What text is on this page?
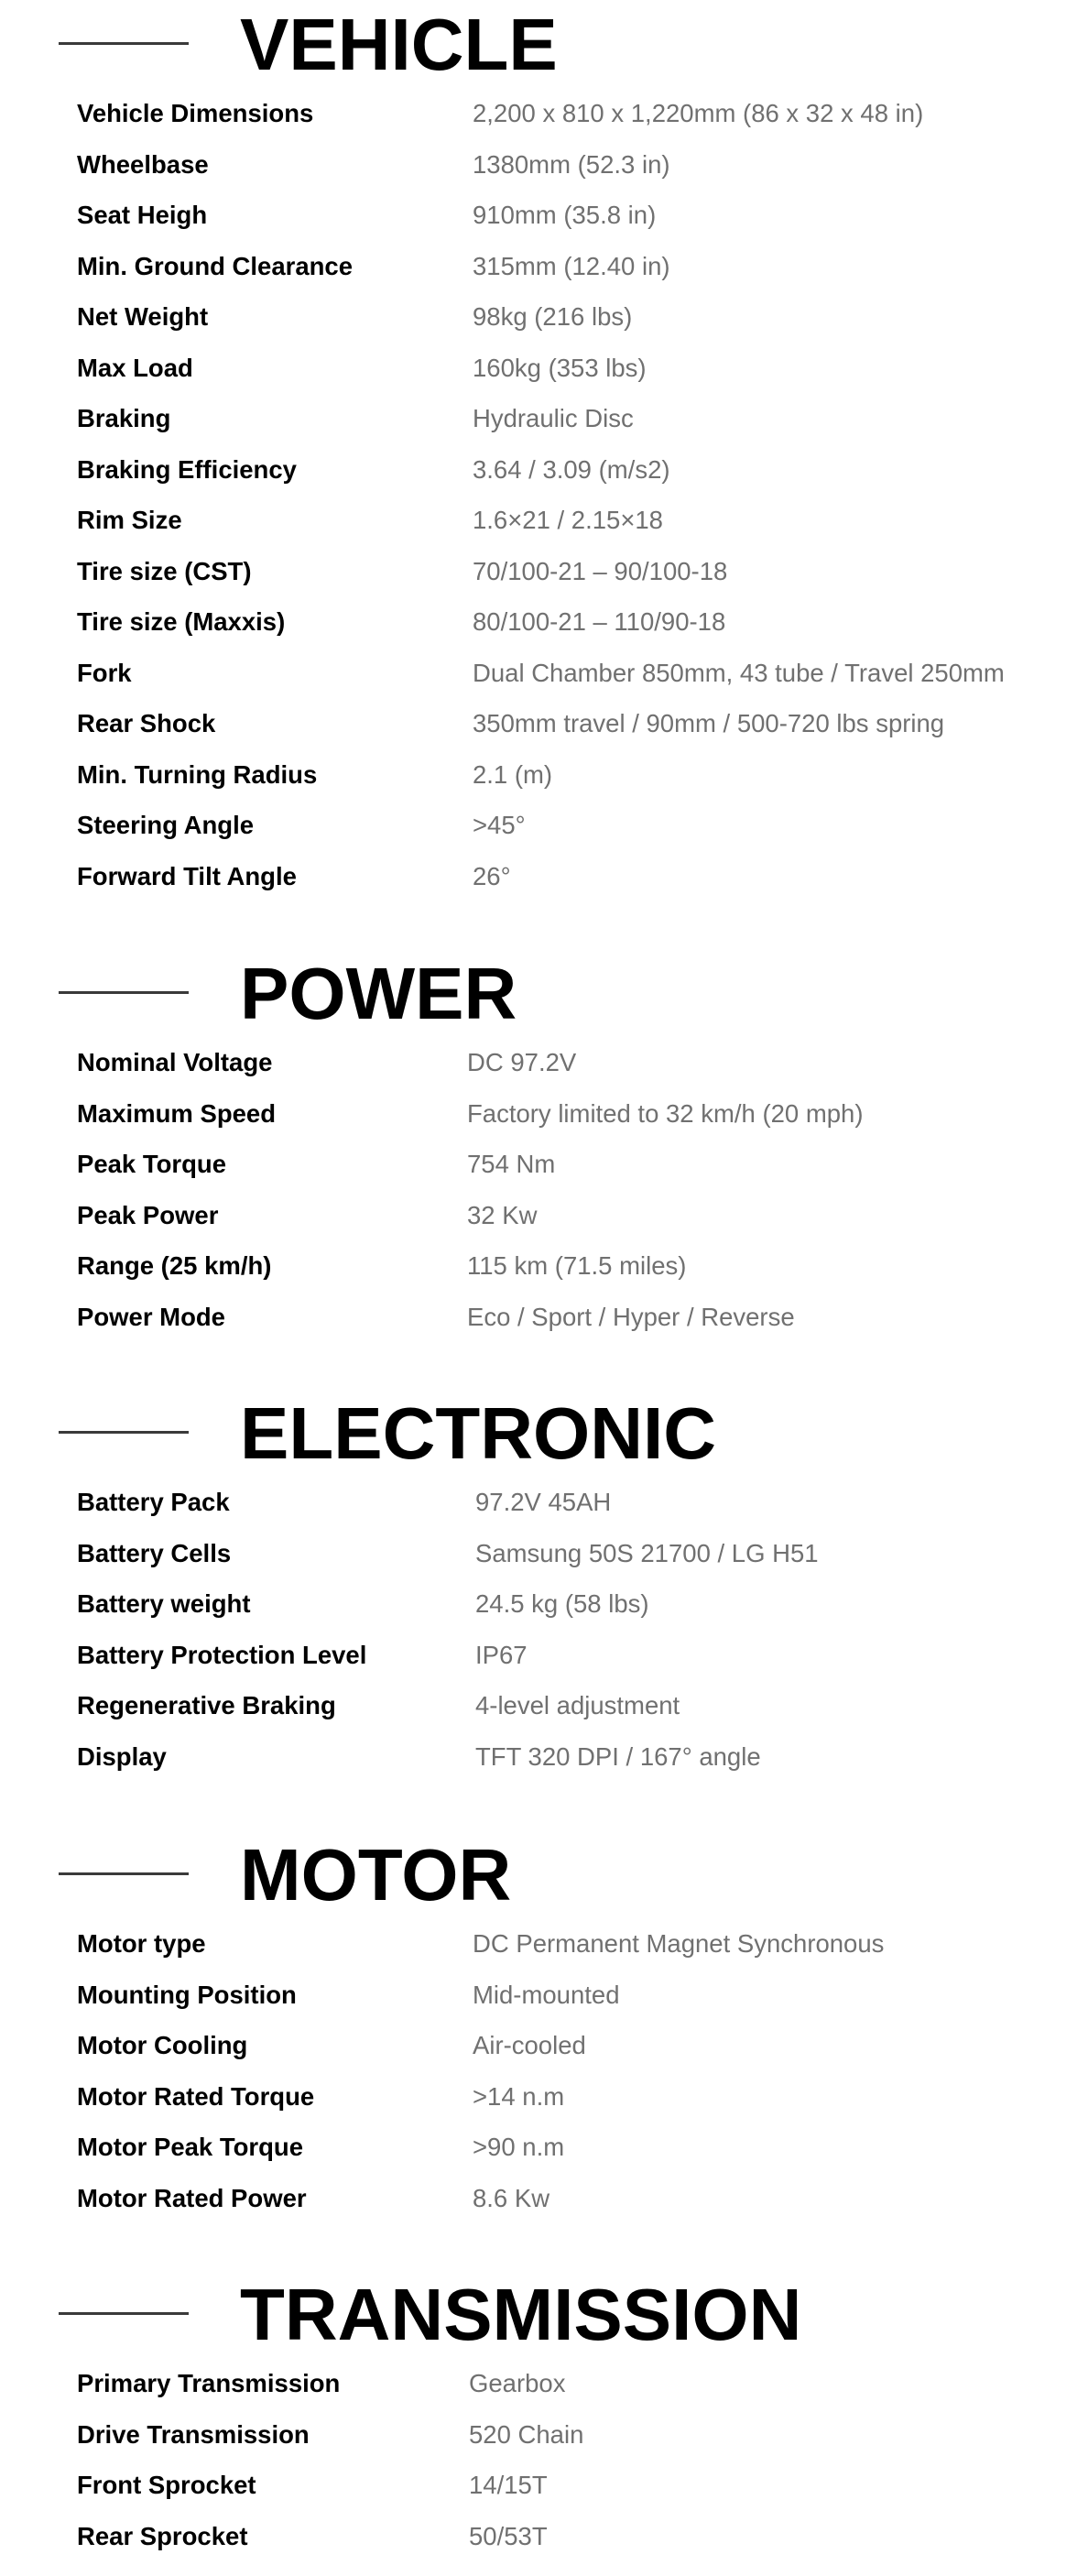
VEHICLE
Vehicle Dimensions	2,200 x 810 x 1,220mm (86 x 32 x 48 in)
Wheelbase	1380mm (52.3 in)
Seat Heigh	910mm (35.8 in)
Min. Ground Clearance	315mm (12.40 in)
Net Weight	98kg (216 lbs)
Max Load	160kg (353 lbs)
Braking	Hydraulic Disc
Braking Efficiency	3.64 / 3.09 (m/s2)
Rim Size	1.6×21 / 2.15×18
Tire size (CST)	70/100-21 – 90/100-18
Tire size (Maxxis)	80/100-21 – 110/90-18
Fork	Dual Chamber 850mm, 43 tube / Travel 250mm
Rear Shock	350mm travel / 90mm / 500-720 lbs spring
Min. Turning Radius	2.1 (m)
Steering Angle	>45°
Forward Tilt Angle	26°
POWER
Nominal Voltage	DC 97.2V
Maximum Speed	Factory limited to 32 km/h (20 mph)
Peak Torque	754 Nm
Peak Power	32 Kw
Range (25 km/h)	115 km (71.5 miles)
Power Mode	Eco / Sport / Hyper / Reverse
ELECTRONIC
Battery Pack	97.2V 45AH
Battery Cells	Samsung 50S 21700 / LG H51
Battery weight	24.5 kg (58 lbs)
Battery Protection Level	IP67
Regenerative Braking	4-level adjustment
Display	TFT 320 DPI / 167° angle
MOTOR
Motor type	DC Permanent Magnet Synchronous
Mounting Position	Mid-mounted
Motor Cooling	Air-cooled
Motor Rated Torque	>14 n.m
Motor Peak Torque	>90 n.m
Motor Rated Power	8.6 Kw
TRANSMISSION
Primary Transmission	Gearbox
Drive Transmission	520 Chain
Front Sprocket	14/15T
Rear Sprocket	50/53T
